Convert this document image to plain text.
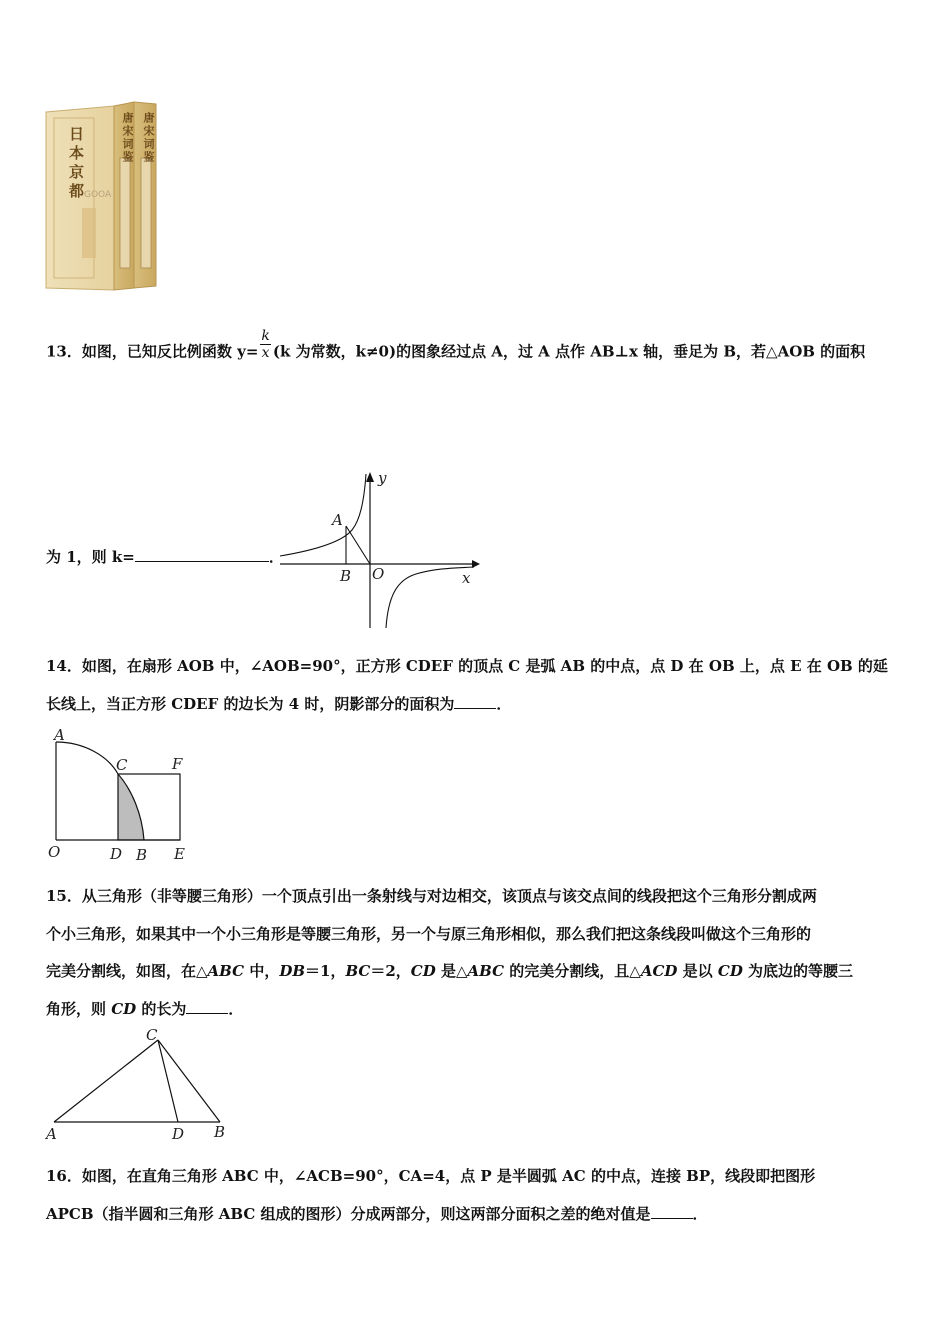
日本京都	唐宋词鉴 唐宋词鉴
GOOA
13．如图，已知反比例函数 $y= \frac{k}{x} (k$ 为常数，k≠0)的图象经过点 A，过 A 点作 AB⊥x 轴，垂足为 B，若△AOB 的面积
为 1，则 k=	．
A
B O
y
x
14．如图，在扇形 AOB 中，∠AOB=90°，正方形 CDEF 的顶点 C 是弧 AB 的中点，点 D 在 OB 上，点 E 在 OB 的延
长线上，当正方形 CDEF 的边长为 4 时，阴影部分的面积为	．
A
C	F
O	D B E
15．从三角形（非等腰三角形）一个顶点引出一条射线与对边相交，该顶点与该交点间的线段把这个三角形分割成两
个小三角形，如果其中一个小三角形是等腰三角形，另一个与原三角形相似，那么我们把这条线段叫做这个三角形的
完美分割线，如图，在△ABC 中，DB＝1，BC＝2，CD 是△ABC 的完美分割线，且△ACD 是以 CD 为底边的等腰三
角形，则 CD 的长为	．
C
A	D B
16．如图，在直角三角形 ABC 中，∠ACB=90°，CA=4，点 P 是半圆弧 AC 的中点，连接 BP，线段即把图形
APCB（指半圆和三角形 ABC 组成的图形）分成两部分，则这两部分面积之差的绝对值是	．
